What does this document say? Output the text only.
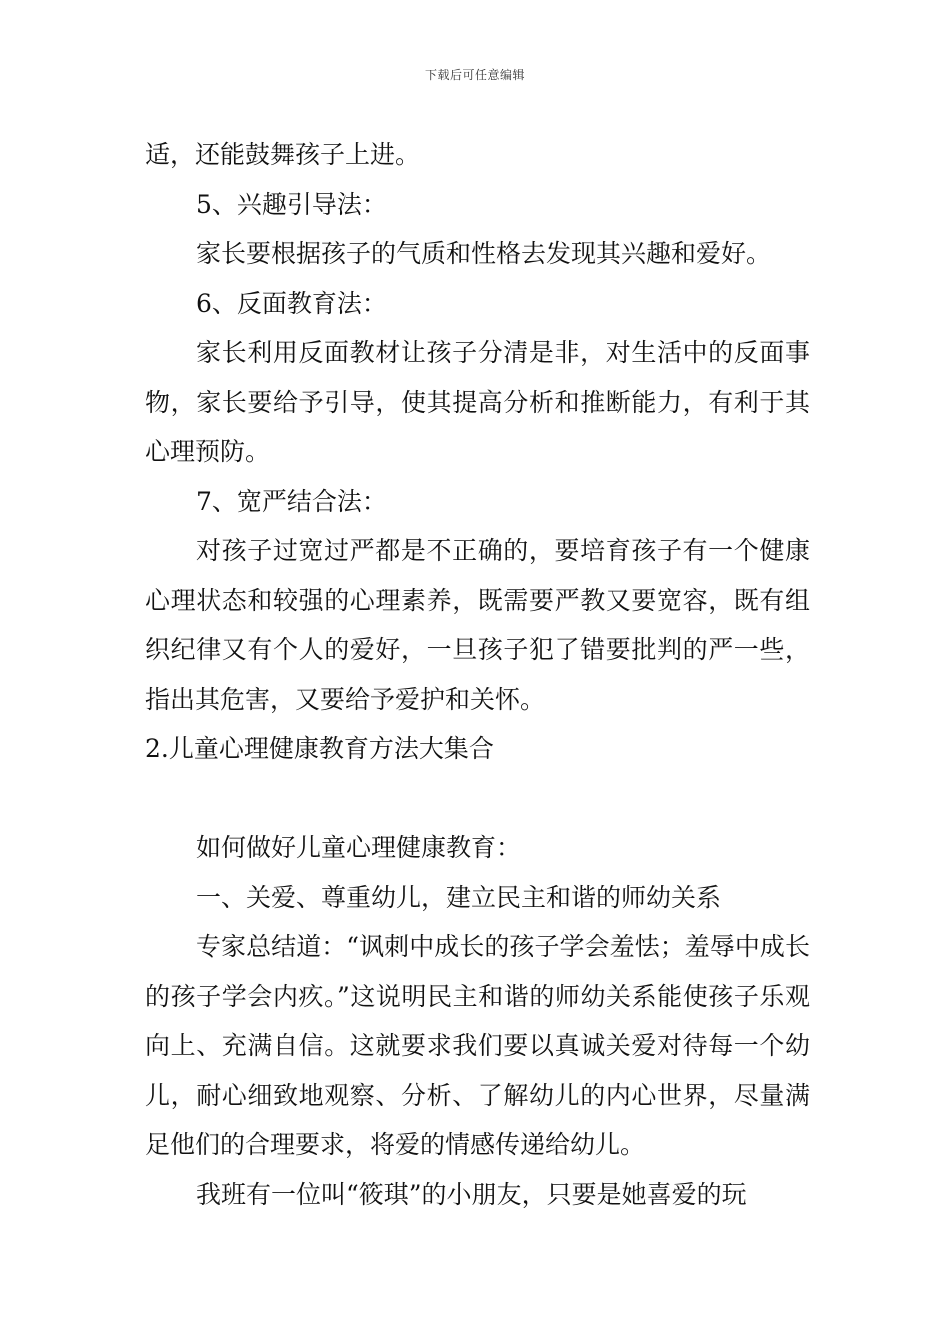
下载后可任意编辑

适，还能鼓舞孩子上进。

5、兴趣引导法：

家长要根据孩子的气质和性格去发现其兴趣和爱好。

6、反面教育法：

家长利用反面教材让孩子分清是非，对生活中的反面事物，家长要给予引导，使其提高分析和推断能力，有利于其心理预防。

7、宽严结合法：

对孩子过宽过严都是不正确的，要培育孩子有一个健康心理状态和较强的心理素养，既需要严教又要宽容，既有组织纪律又有个人的爱好，一旦孩子犯了错要批判的严一些，指出其危害，又要给予爱护和关怀。

2.儿童心理健康教育方法大集合

如何做好儿童心理健康教育：

一、关爱、尊重幼儿，建立民主和谐的师幼关系

专家总结道：“讽刺中成长的孩子学会羞怯；羞辱中成长的孩子学会内疚。”这说明民主和谐的师幼关系能使孩子乐观向上、充满自信。这就要求我们要以真诚关爱对待每一个幼儿，耐心细致地观察、分析、了解幼儿的内心世界，尽量满足他们的合理要求，将爱的情感传递给幼儿。

我班有一位叫“筱琪”的小朋友，只要是她喜爱的玩
